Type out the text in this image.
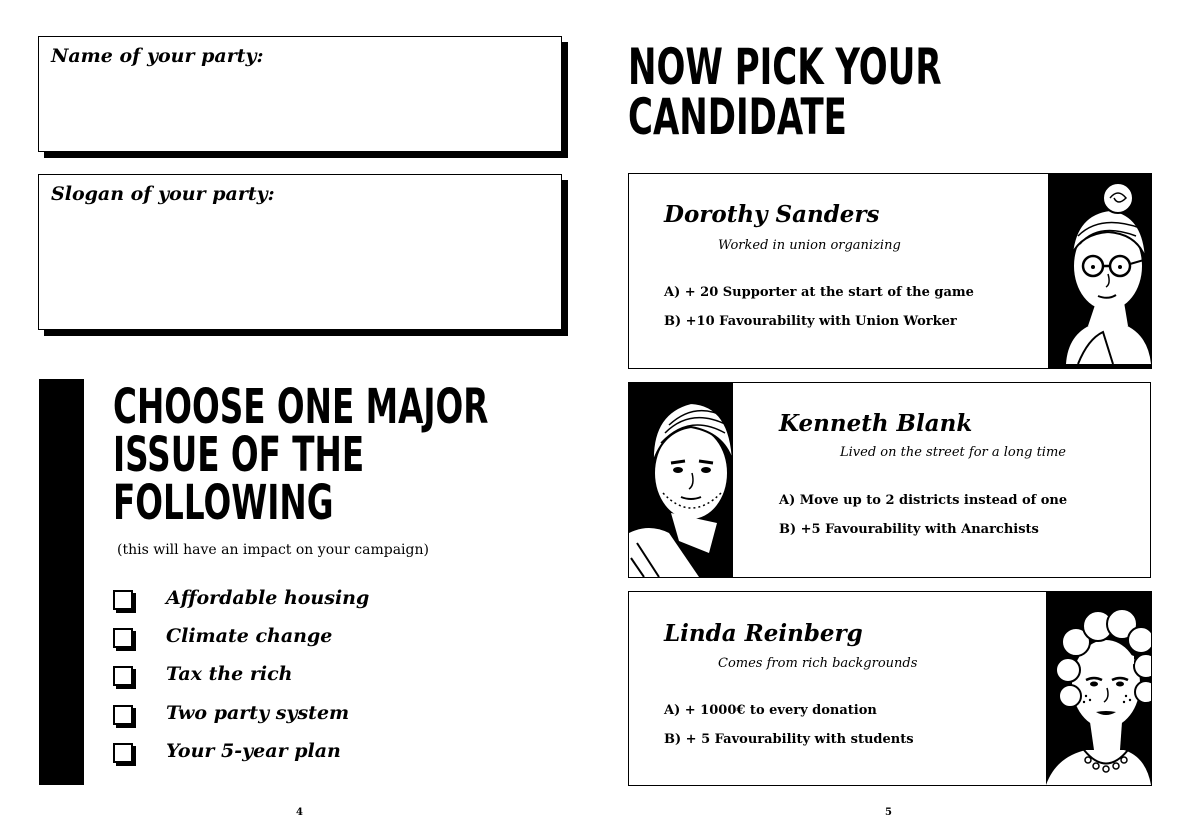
Name of your party:
Slogan of your party:
CHOOSE ONE MAJOR
ISSUE OF THE
FOLLOWING
(this will have an impact on your campaign)
Affordable housing
Climate change
Tax the rich
Two party system
Your 5-year plan
4
NOW PICK YOUR
CANDIDATE
Dorothy Sanders
Worked in union organizing
A) + 20 Supporter at the start of the game
B) +10 Favourability with Union Worker
Kenneth Blank
Lived on the street for a long time
A) Move up to 2 districts instead of one
B) +5 Favourability with Anarchists
Linda Reinberg
Comes from rich backgrounds
A) + 1000€ to every donation
B) + 5 Favourability with students
5
